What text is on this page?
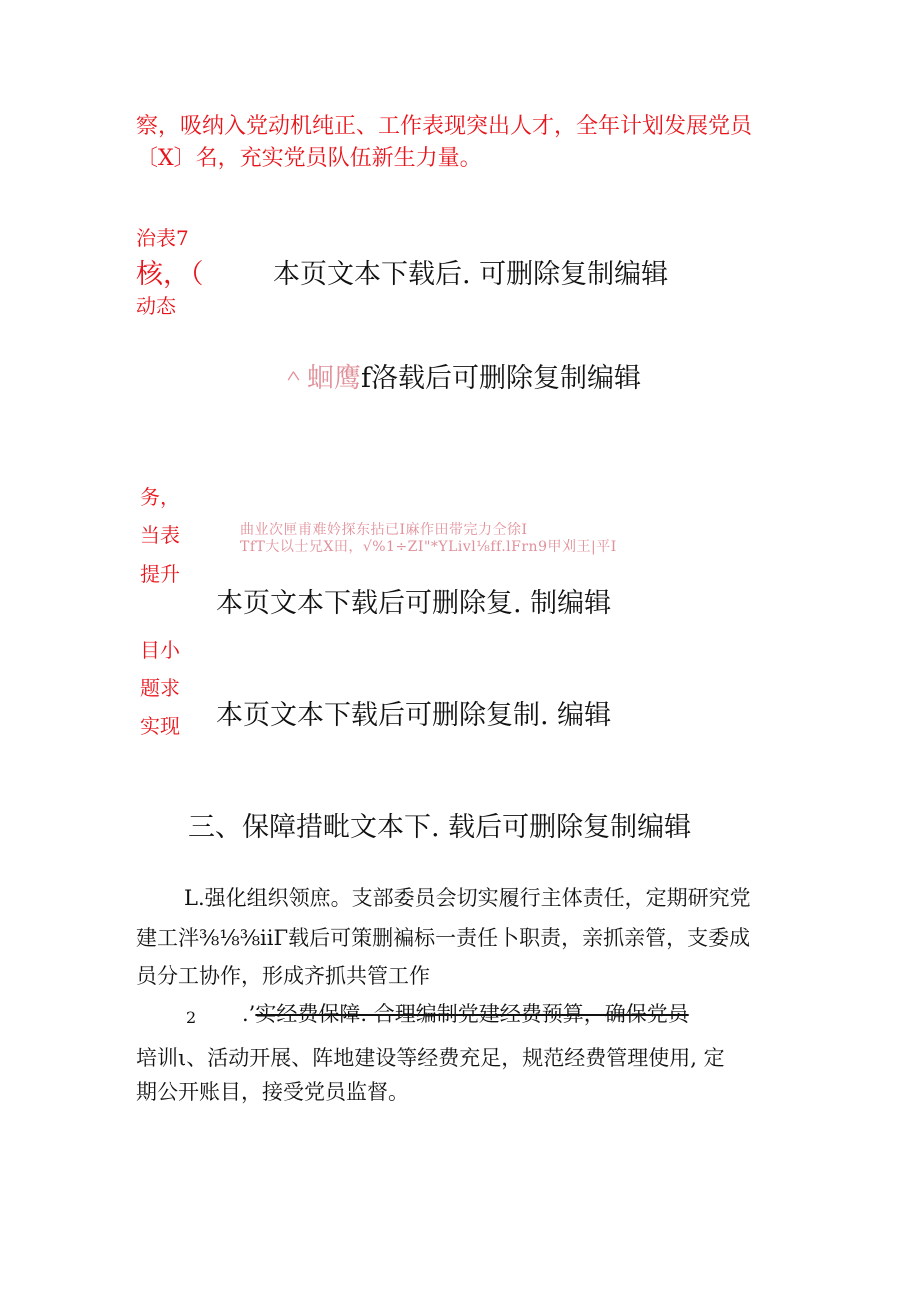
察，吸纳入党动机纯正、工作表现突出人才，全年计划发展党员
〔X〕名，充实党员队伍新生力量。
治表7
核，（
动态
本页文本下载后. 可删除复制编辑
＾蛔鹰f洛载后可删除复制编辑
务，
当表
提升
曲业次匣甫难妗探东拈已I麻作田带完力仝徐I
TfT大以士兄X田，√%1÷ZI"*YLivl⅛ff.lFrn9甲刈王|平I
本页文本下载后可删除复. 制编辑
目小
题求
实现 本页文本下载后可删除复制. 编辑
三、保障措毗文本下. 载后可删除复制编辑
L.强化组织领庶。支部委员会切实履行主体责任，定期研究党
建工泮⅜⅛⅜iiΓ载后可策删褊标一责任卜职责，亲抓亲管，支委成
员分工协作，形成齐抓共管工作
2 .’实经费保障. 合理编制党建经费预算，确保党员
培训ι、活动开展、阵地建设等经费充足，规范经费管理使用, 定
期公开账目，接受党员监督。
